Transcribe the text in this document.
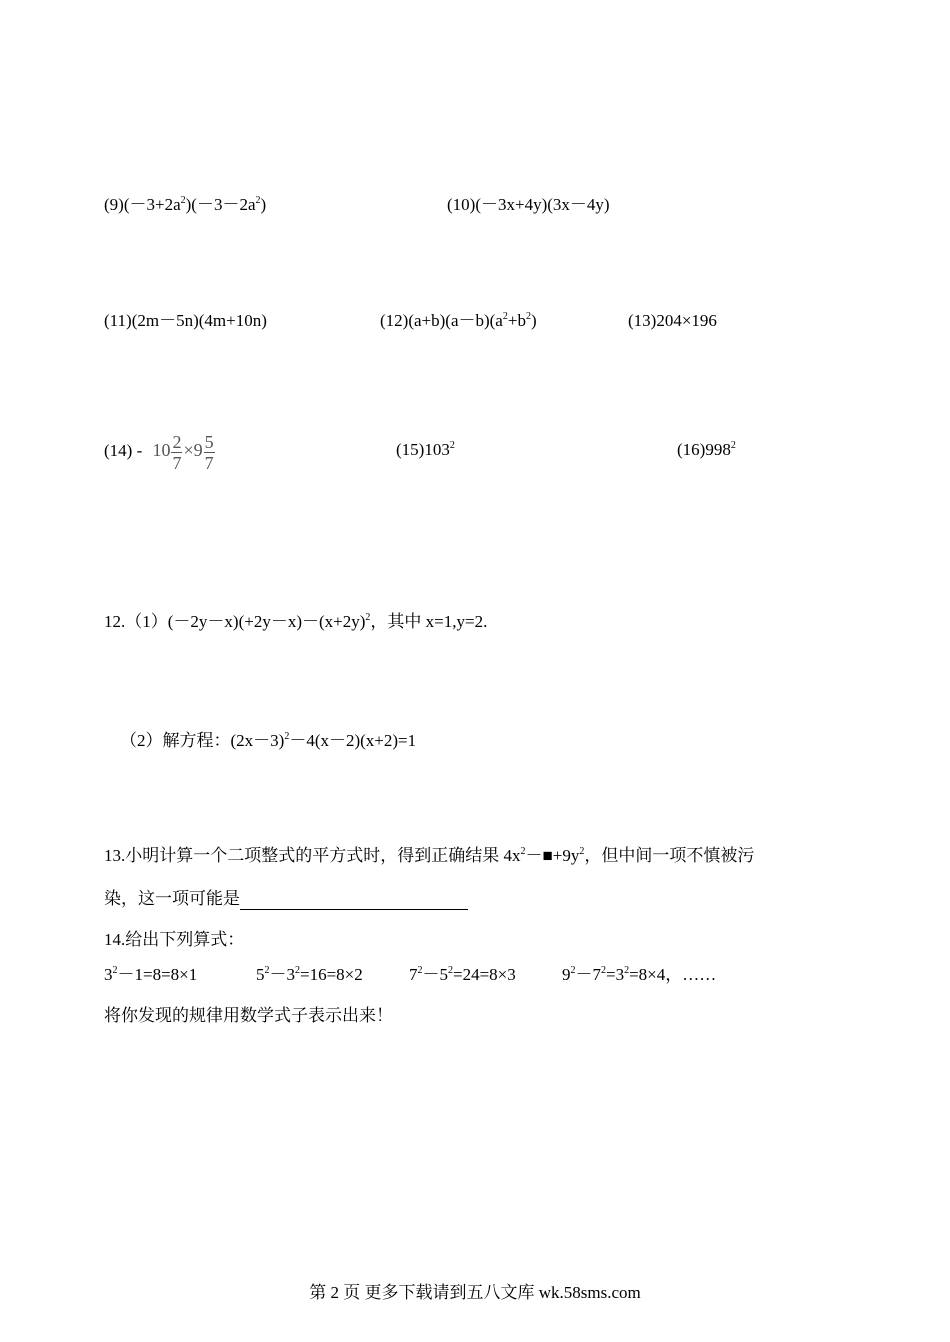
$(9)(-3+2a^2)(-3-2a^2)$	(10)(－3x+4y)(3x－4y)
(11)(2m－5n)(4m+10n)	$(12)(a+b)(a-b)(a^2+b^2)$	(13)204×196
$(14) - 10 \frac{2}{7} \times 9 \frac{5}{7}$	$(15)103^2$	$(16)998^2$
$12.(1)(-2y-x)(+2y-x)-(x+2y)^2$，其中 x=1,y=2.
（2）解方程：$(2x-3)^2-4(x-2)(x+2)=1$
13.小明计算一个二项整式的平方式时，得到正确结果 $4x^2-■+9y^2$，但中间一项不慎被污
染，这一项可能是
14.给出下列算式：
$3^2-1=8=8\times 1$	$5^2-3^2=16=8\times 2$	$7^2-5^2=24=8\times 3$	$9^2-7^2=3^2=8\times 4$，……
将你发现的规律用数学式子表示出来！
第 2 页 更多下载请到五八文库 wk.58sms.com
